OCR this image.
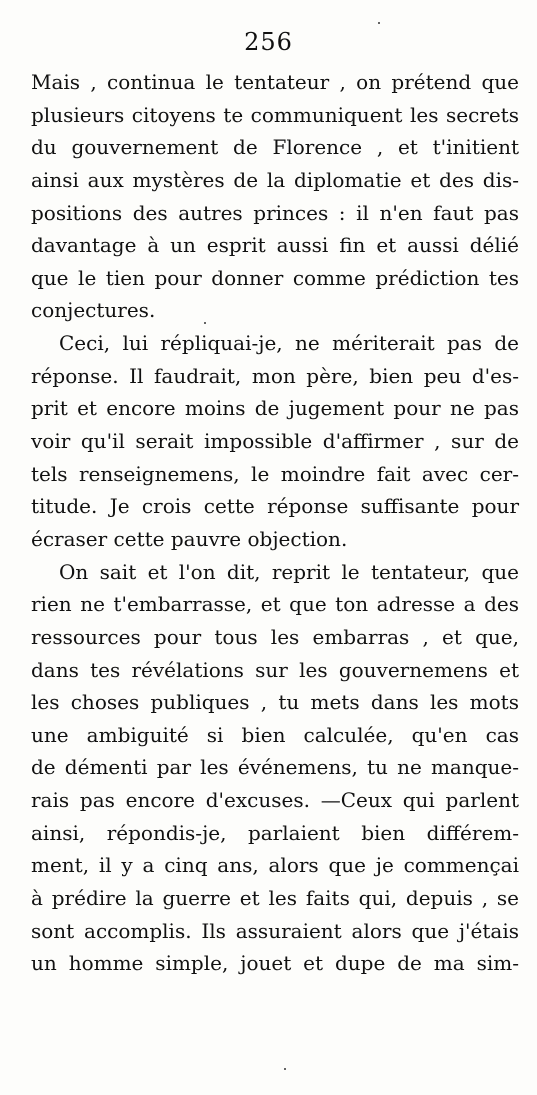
256
Mais , continua le tentateur , on prétend que
plusieurs citoyens te communiquent les secrets
du gouvernement de Florence , et t'initient
ainsi aux mystères de la diplomatie et des dis-
positions des autres princes : il n'en faut pas
davantage à un esprit aussi fin et aussi délié
que le tien pour donner comme prédiction tes
conjectures.
Ceci, lui répliquai-je, ne mériterait pas de
réponse. Il faudrait, mon père, bien peu d'es-
prit et encore moins de jugement pour ne pas
voir qu'il serait impossible d'affirmer , sur de
tels renseignemens, le moindre fait avec cer-
titude. Je crois cette réponse suffisante pour
écraser cette pauvre objection.
On sait et l'on dit, reprit le tentateur, que
rien ne t'embarrasse, et que ton adresse a des
ressources pour tous les embarras , et que,
dans tes révélations sur les gouvernemens et
les choses publiques , tu mets dans les mots
une ambiguité si bien calculée, qu'en cas
de démenti par les événemens, tu ne manque-
rais pas encore d'excuses. —Ceux qui parlent
ainsi, répondis-je, parlaient bien différem-
ment, il y a cinq ans, alors que je commençai
à prédire la guerre et les faits qui, depuis , se
sont accomplis. Ils assuraient alors que j'étais
un homme simple, jouet et dupe de ma sim-
